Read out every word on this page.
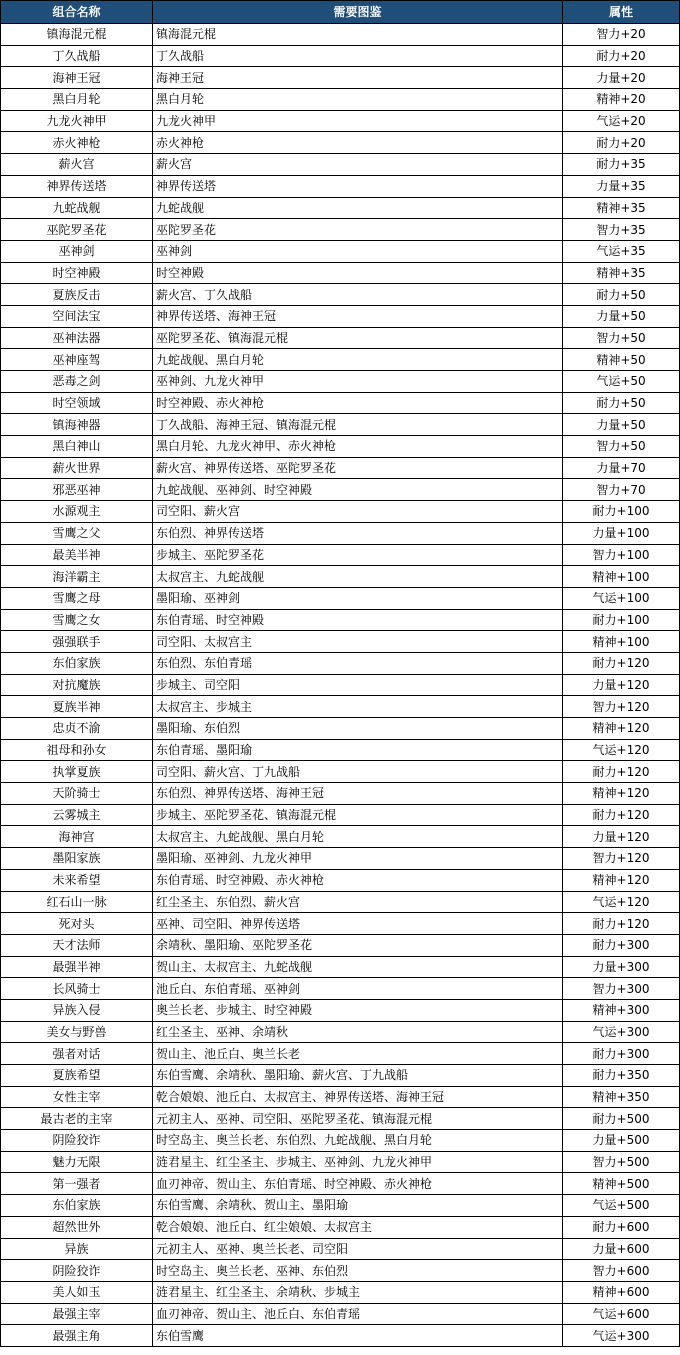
组合名称	需要图鉴	属性
镇海混元棍	镇海混元棍	智力+20
丁久战船	丁久战船	耐力+20
海神王冠	海神王冠	力量+20
黑白月轮	黑白月轮	精神+20
九龙火神甲	九龙火神甲	气运+20
赤火神枪	赤火神枪	耐力+20
薪火宫	薪火宫	耐力+35
神界传送塔	神界传送塔	力量+35
九蛇战舰	九蛇战舰	精神+35
巫陀罗圣花	巫陀罗圣花	智力+35
巫神剑	巫神剑	气运+35
时空神殿	时空神殿	精神+35
夏族反击	薪火宫、丁久战船	耐力+50
空间法宝	神界传送塔、海神王冠	力量+50
巫神法器	巫陀罗圣花、镇海混元棍	智力+50
巫神座驾	九蛇战舰、黑白月轮	精神+50
恶毒之剑	巫神剑、九龙火神甲	气运+50
时空领域	时空神殿、赤火神枪	耐力+50
镇海神器	丁久战船、海神王冠、镇海混元棍	力量+50
黑白神山	黑白月轮、九龙火神甲、赤火神枪	智力+50
薪火世界	薪火宫、神界传送塔、巫陀罗圣花	力量+70
邪恶巫神	九蛇战舰、巫神剑、时空神殿	智力+70
水源观主	司空阳、薪火宫	耐力+100
雪鹰之父	东伯烈、神界传送塔	力量+100
最美半神	步城主、巫陀罗圣花	智力+100
海洋霸主	太叔宫主、九蛇战舰	精神+100
雪鹰之母	墨阳瑜、巫神剑	气运+100
雪鹰之女	东伯青瑶、时空神殿	耐力+100
强强联手	司空阳、太叔宫主	精神+100
东伯家族	东伯烈、东伯青瑶	耐力+120
对抗魔族	步城主、司空阳	力量+120
夏族半神	太叔宫主、步城主	智力+120
忠贞不渝	墨阳瑜、东伯烈	精神+120
祖母和孙女	东伯青瑶、墨阳瑜	气运+120
执掌夏族	司空阳、薪火宫、丁九战船	耐力+120
天阶骑士	东伯烈、神界传送塔、海神王冠	精神+120
云雾城主	步城主、巫陀罗圣花、镇海混元棍	耐力+120
海神宫	太叔宫主、九蛇战舰、黑白月轮	力量+120
墨阳家族	墨阳瑜、巫神剑、九龙火神甲	智力+120
未来希望	东伯青瑶、时空神殿、赤火神枪	精神+120
红石山一脉	红尘圣主、东伯烈、薪火宫	气运+120
死对头	巫神、司空阳、神界传送塔	耐力+120
天才法师	余靖秋、墨阳瑜、巫陀罗圣花	耐力+300
最强半神	贺山主、太叔宫主、九蛇战舰	力量+300
长风骑士	池丘白、东伯青瑶、巫神剑	智力+300
异族入侵	奥兰长老、步城主、时空神殿	精神+300
美女与野兽	红尘圣主、巫神、余靖秋	气运+300
强者对话	贺山主、池丘白、奥兰长老	耐力+300
夏族希望	东伯雪鹰、余靖秋、墨阳瑜、薪火宫、丁九战船	耐力+350
女性主宰	乾合娘娘、池丘白、太叔宫主、神界传送塔、海神王冠	精神+350
最古老的主宰	元初主人、巫神、司空阳、巫陀罗圣花、镇海混元棍	耐力+500
阴险狡诈	时空岛主、奥兰长老、东伯烈、九蛇战舰、黑白月轮	力量+500
魅力无限	涟君星主、红尘圣主、步城主、巫神剑、九龙火神甲	智力+500
第一强者	血刃神帝、贺山主、东伯青瑶、时空神殿、赤火神枪	精神+500
东伯家族	东伯雪鹰、余靖秋、贺山主、墨阳瑜	气运+500
超然世外	乾合娘娘、池丘白、红尘娘娘、太叔宫主	耐力+600
异族	元初主人、巫神、奥兰长老、司空阳	力量+600
阴险狡诈	时空岛主、奥兰长老、巫神、东伯烈	智力+600
美人如玉	涟君星主、红尘圣主、余靖秋、步城主	精神+600
最强主宰	血刃神帝、贺山主、池丘白、东伯青瑶	气运+600
最强主角	东伯雪鹰	气运+300
